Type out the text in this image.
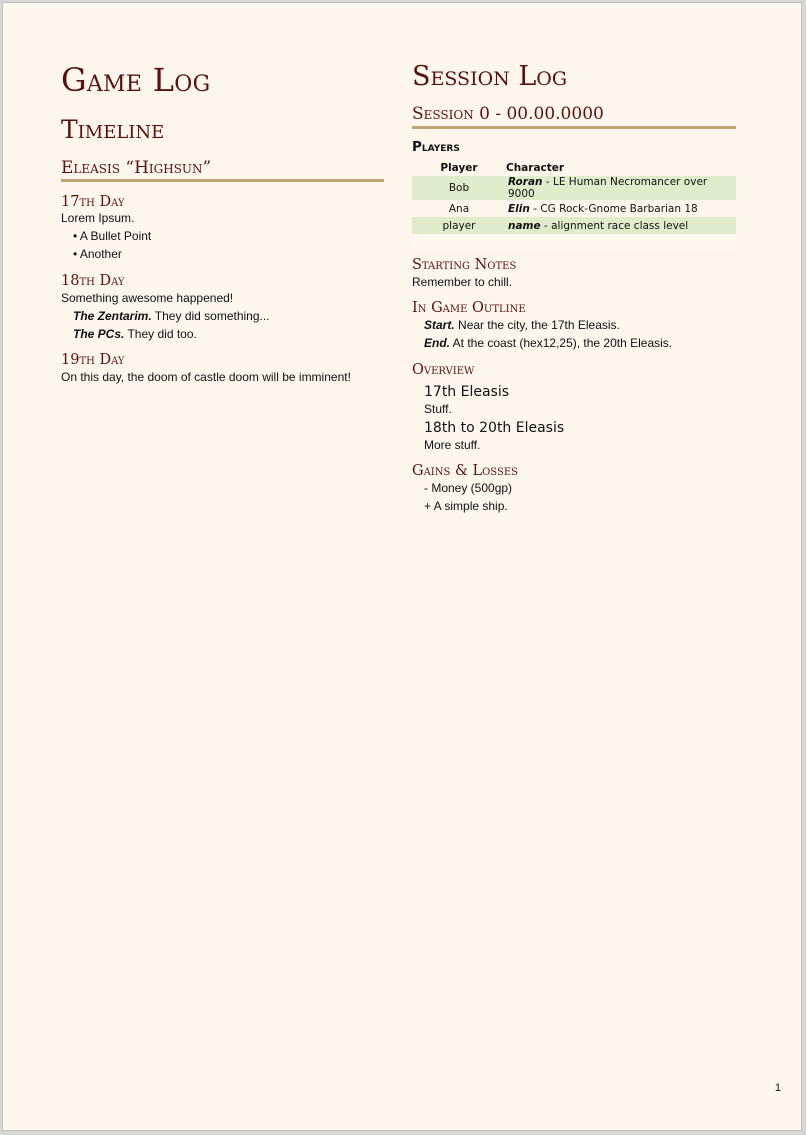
Game Log
Timeline
Eleasis “Highsun”
17th Day

Lorem Ipsum.

• A Bullet Point
• Another
18th Day

Something awesome happened!

The Zentarim. They did something...

The PCs. They did too.

19th Day

On this day, the doom of castle doom will be imminent!

Session Log
Session 0 - 00.00.0000
Players
Player	Character
Bob	Roran - LE Human Necromancer over 9000
Ana	Elin - CG Rock-Gnome Barbarian 18
player	name - alignment race class level

Starting Notes

Remember to chill.

In Game Outline

Start. Near the city, the 17th Eleasis.

End. At the coast (hex12,25), the 20th Eleasis.

Overview
17th Eleasis

Stuff.

18th to 20th Eleasis

More stuff.

Gains & Losses

- Money (500gp)

+ A simple ship.

1
